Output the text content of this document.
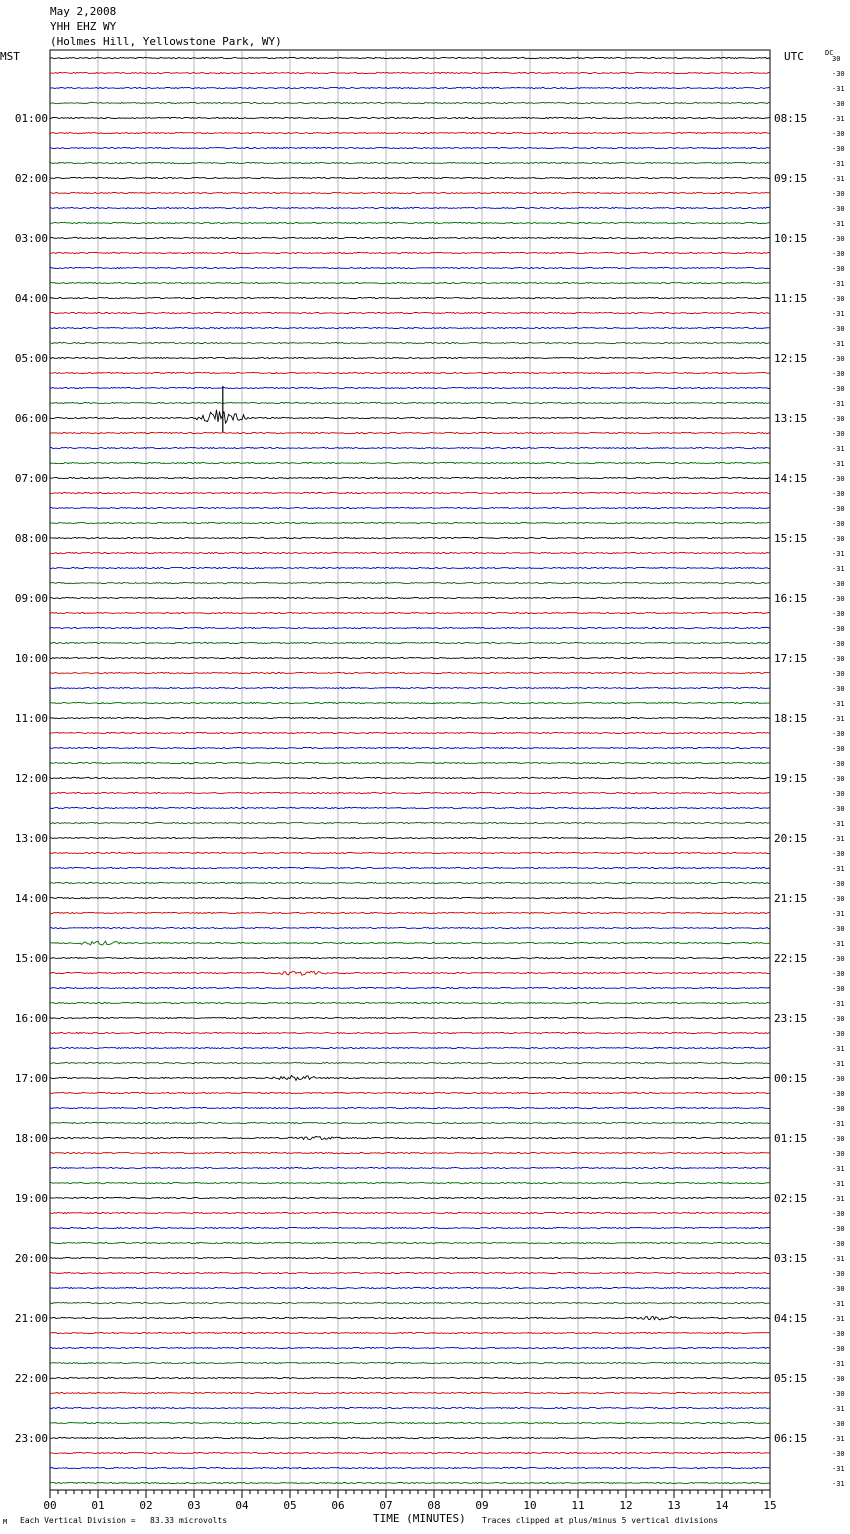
May 2,2008
YHH EHZ WY
(Holmes Hill, Yellowstone Park, WY)
MST	UTC	DC
30
-30
-31
-30
-31
-30
-30
-31
-31
-30
-30
-31
-30
-30
-30
-31
-30
-31
-30
-31
-30
-30
-30
-31
-30
-30
-31
-31
-30
-30
-30
-30
-30
-31
-31
-30
-30
-30
-30
-30
-30
-30
-30
-31
-31
-30
-30
-30
-30
-30
-30
-31
-31
-30
-31
-30
-30
-31
-30
-31
-30
-30
-30
-31
-30
-30
-31
-31
-30
-30
-30
-31
-30
-30
-31
-31
-31
-30
-30
-30
-31
-30
-30
-31
-31
-30
-30
-31
-30
-30
-31
-30
-31
-30
-31
-31
01:00
02:00
03:00
04:00
05:00
06:00
07:00
08:00
09:00
10:00
11:00
12:00
13:00
14:00
15:00
16:00
17:00
18:00
19:00
20:00
21:00
22:00
23:00
08:15
09:15
10:15
11:15
12:15
13:15
14:15
15:15
16:15
17:15
18:15
19:15
20:15
21:15
22:15
23:15
00:15
01:15
02:15
03:15
04:15
05:15
06:15
00	01	02	03	04	05	06	07	08	09	10	11	12	13	14	15
M Each Vertical Division =   83.33 microvolts	TIME (MINUTES) Traces clipped at plus/minus 5 vertical divisions
